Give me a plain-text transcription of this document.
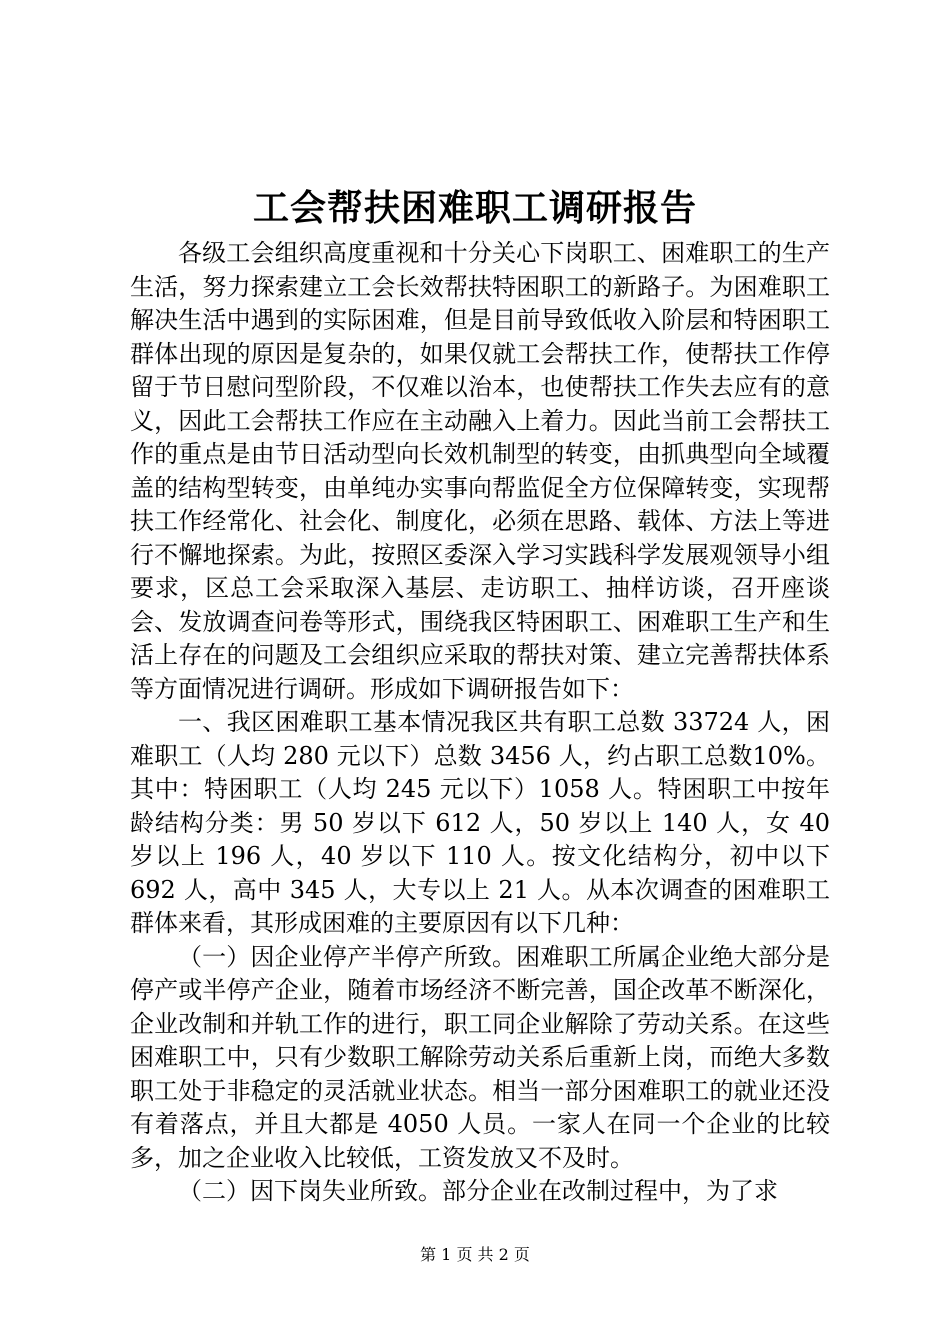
工会帮扶困难职工调研报告

各级工会组织高度重视和十分关心下岗职工、困难职工的生产生活，努力探索建立工会长效帮扶特困职工的新路子。为困难职工解决生活中遇到的实际困难，但是目前导致低收入阶层和特困职工群体出现的原因是复杂的，如果仅就工会帮扶工作，使帮扶工作停留于节日慰问型阶段，不仅难以治本，也使帮扶工作失去应有的意义，因此工会帮扶工作应在主动融入上着力。因此当前工会帮扶工作的重点是由节日活动型向长效机制型的转变，由抓典型向全域覆盖的结构型转变，由单纯办实事向帮监促全方位保障转变，实现帮扶工作经常化、社会化、制度化，必须在思路、载体、方法上等进行不懈地探索。为此，按照区委深入学习实践科学发展观领导小组要求，区总工会采取深入基层、走访职工、抽样访谈，召开座谈会、发放调查问卷等形式，围绕我区特困职工、困难职工生产和生活上存在的问题及工会组织应采取的帮扶对策、建立完善帮扶体系等方面情况进行调研。形成如下调研报告如下：

一、我区困难职工基本情况我区共有职工总数 33724 人，困难职工（人均 280 元以下）总数 3456 人，约占职工总数10%。其中：特困职工（人均 245 元以下）1058 人。特困职工中按年龄结构分类：男 50 岁以下 612 人，50 岁以上 140 人，女 40 岁以上 196 人，40 岁以下 110 人。按文化结构分，初中以下692 人，高中 345 人，大专以上 21 人。从本次调查的困难职工群体来看，其形成困难的主要原因有以下几种：

（一）因企业停产半停产所致。困难职工所属企业绝大部分是停产或半停产企业，随着市场经济不断完善，国企改革不断深化，企业改制和并轨工作的进行，职工同企业解除了劳动关系。在这些困难职工中，只有少数职工解除劳动关系后重新上岗，而绝大多数职工处于非稳定的灵活就业状态。相当一部分困难职工的就业还没有着落点，并且大都是 4050 人员。一家人在同一个企业的比较多，加之企业收入比较低，工资发放又不及时。

（二）因下岗失业所致。部分企业在改制过程中，为了求

第 1 页 共 2 页
